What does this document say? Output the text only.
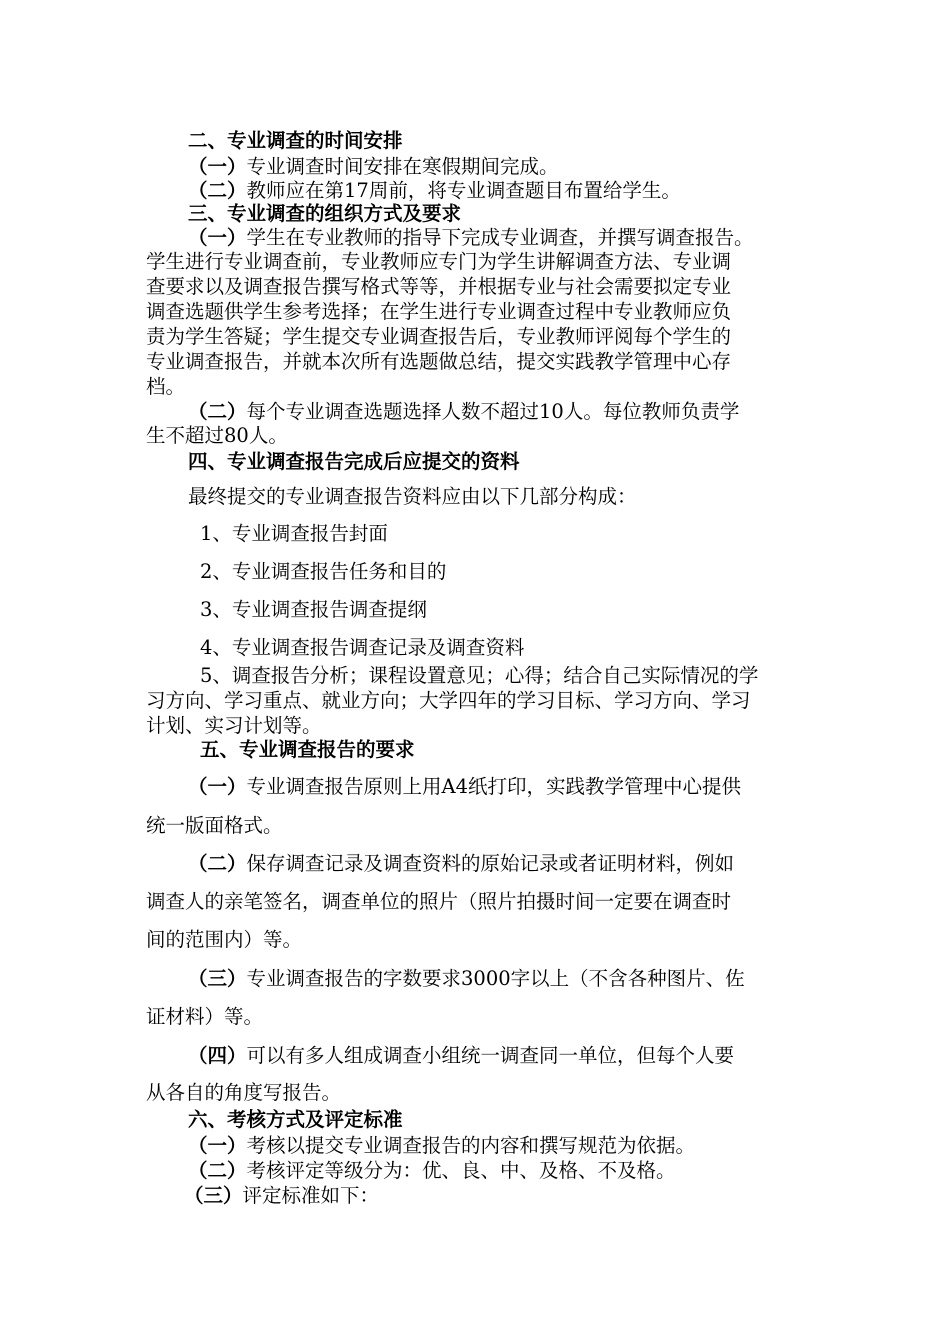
二、专业调查的时间安排
（一）专业调查时间安排在寒假期间完成。
（二）教师应在第17周前，将专业调查题目布置给学生。
三、专业调查的组织方式及要求
（一）学生在专业教师的指导下完成专业调查，并撰写调查报告。
学生进行专业调查前，专业教师应专门为学生讲解调查方法、专业调
查要求以及调查报告撰写格式等等，并根据专业与社会需要拟定专业
调查选题供学生参考选择；在学生进行专业调查过程中专业教师应负
责为学生答疑；学生提交专业调查报告后，专业教师评阅每个学生的
专业调查报告，并就本次所有选题做总结，提交实践教学管理中心存
档。
（二）每个专业调查选题选择人数不超过10人。每位教师负责学
生不超过80人。
四、专业调查报告完成后应提交的资料
最终提交的专业调查报告资料应由以下几部分构成：
1、专业调查报告封面
2、专业调查报告任务和目的
3、专业调查报告调查提纲
4、专业调查报告调查记录及调查资料
5、调查报告分析；课程设置意见；心得；结合自己实际情况的学
习方向、学习重点、就业方向；大学四年的学习目标、学习方向、学习
计划、实习计划等。
五、专业调查报告的要求
（一）专业调查报告原则上用A4纸打印，实践教学管理中心提供
统一版面格式。
（二）保存调查记录及调查资料的原始记录或者证明材料，例如
调查人的亲笔签名，调查单位的照片（照片拍摄时间一定要在调查时
间的范围内）等。
（三）专业调查报告的字数要求3000字以上（不含各种图片、佐
证材料）等。
（四）可以有多人组成调查小组统一调查同一单位，但每个人要
从各自的角度写报告。
六、考核方式及评定标准
（一）考核以提交专业调查报告的内容和撰写规范为依据。
（二）考核评定等级分为：优、良、中、及格、不及格。
（三）评定标准如下：
